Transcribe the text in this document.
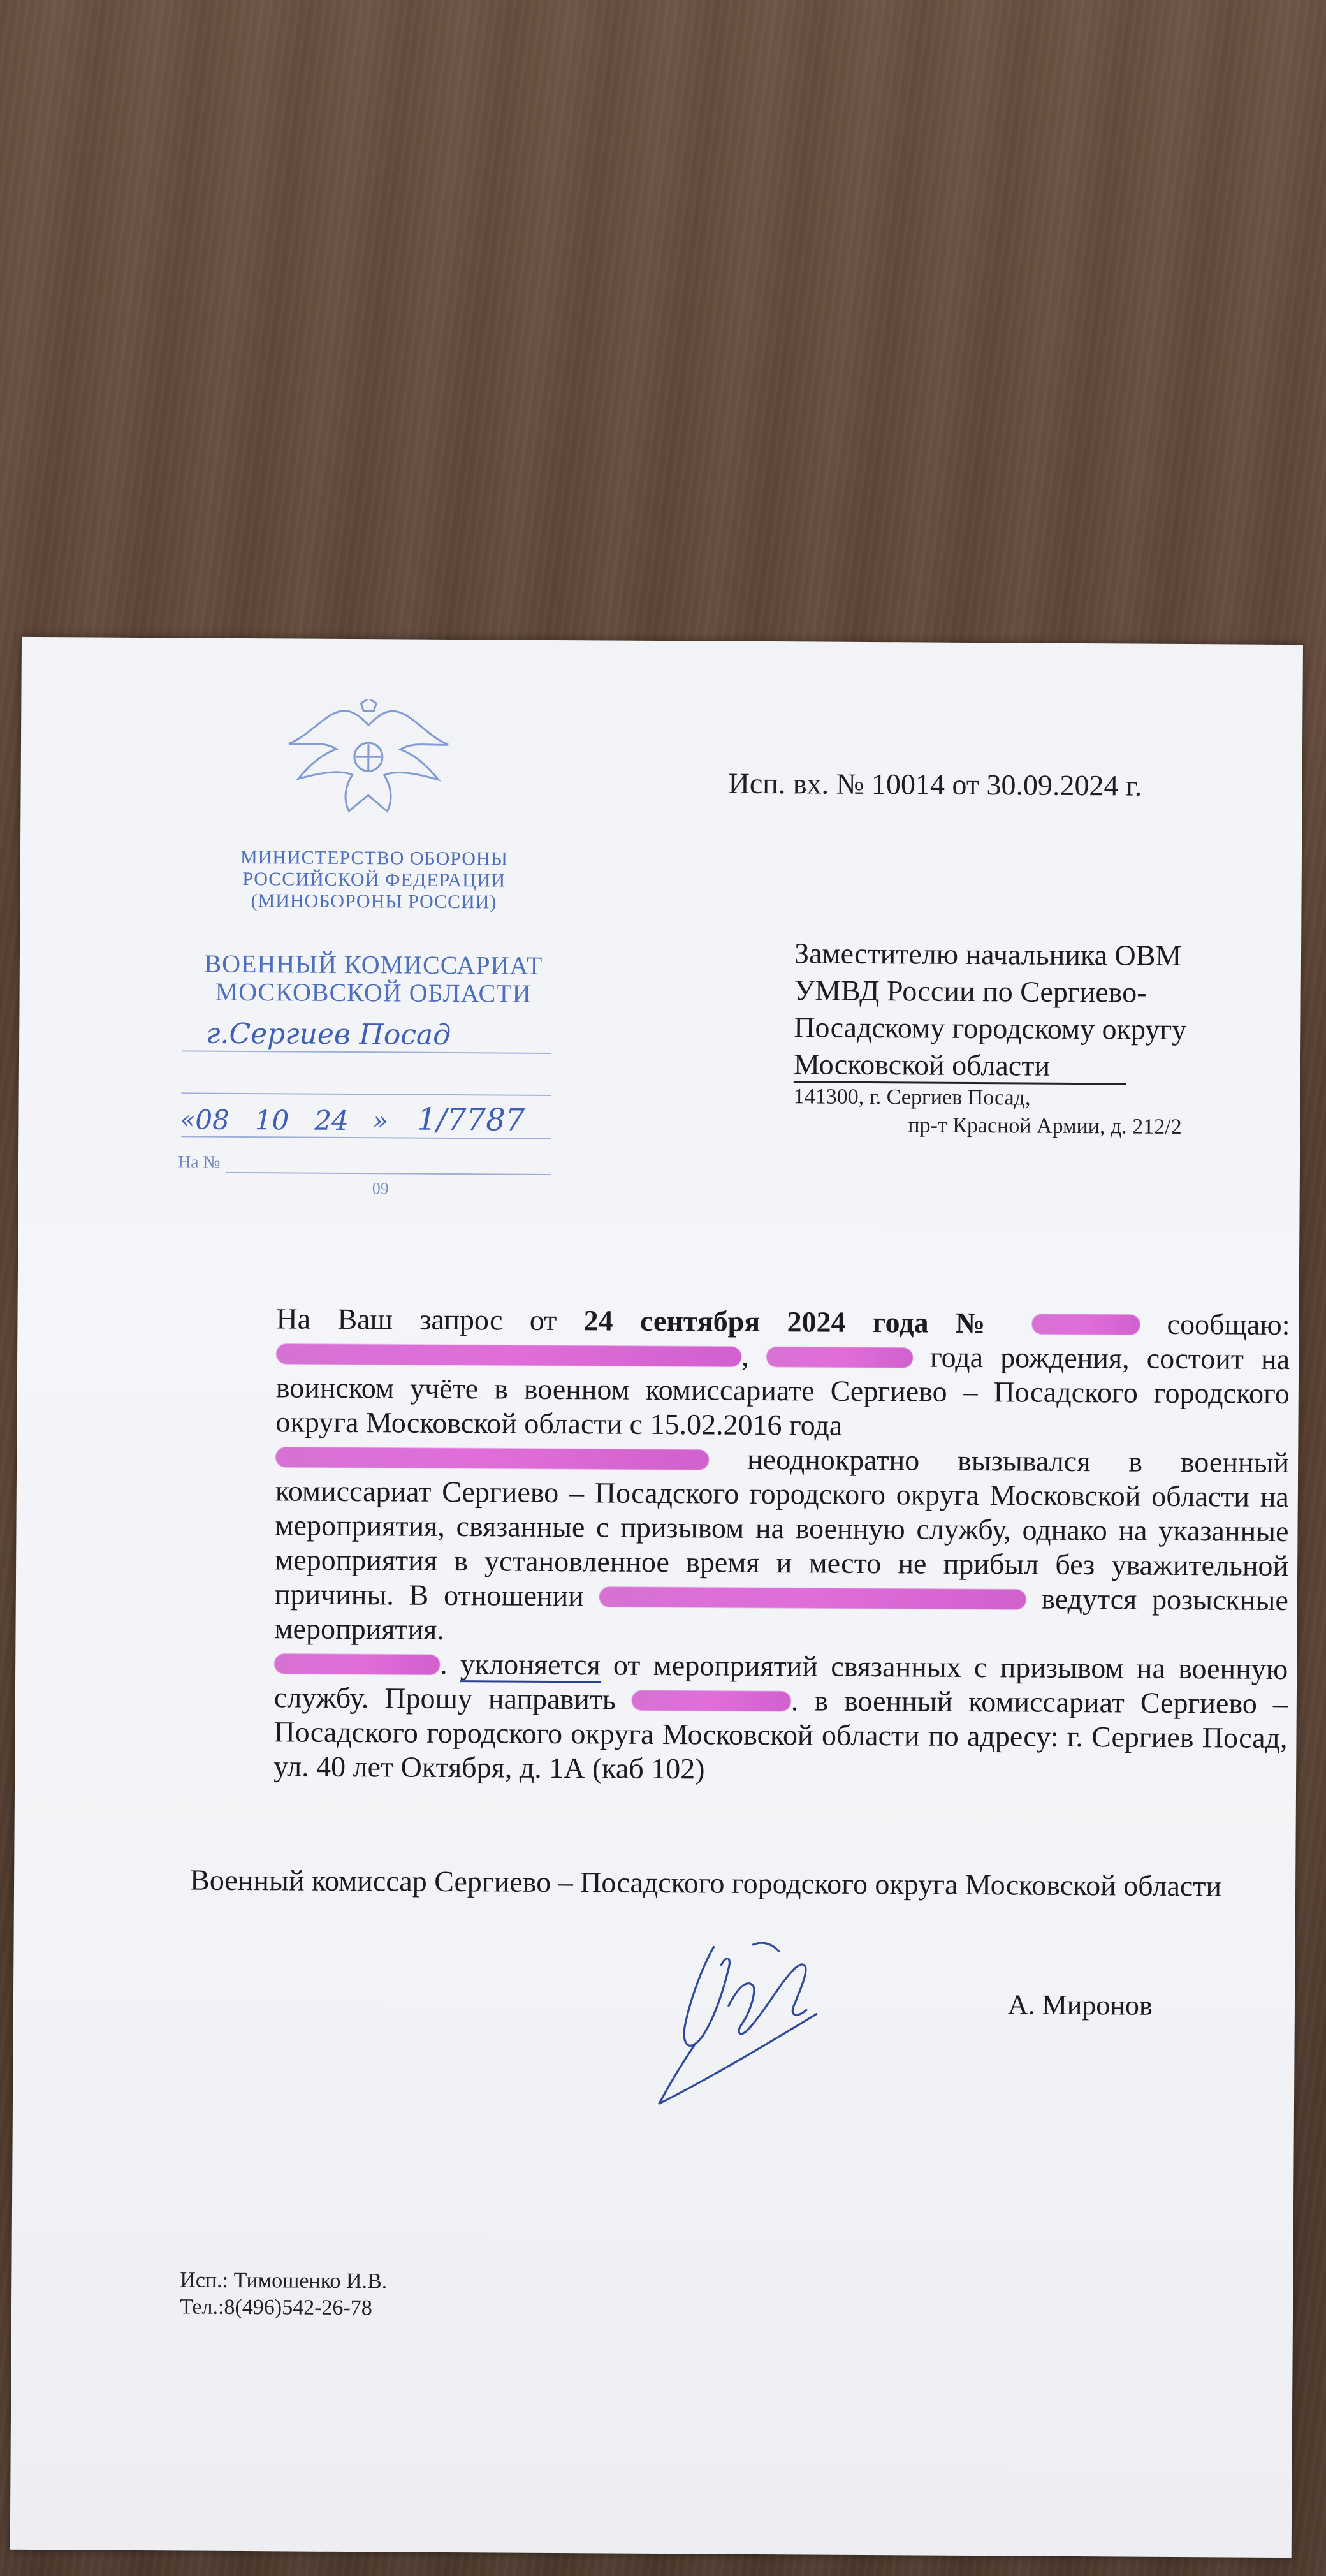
МИНИСТЕРСТВО ОБОРОНЫ
РОССИЙСКОЙ ФЕДЕРАЦИИ
(МИНОБОРОНЫ РОССИИ)
ВОЕННЫЙ КОМИССАРИАТ
МОСКОВСКОЙ ОБЛАСТИ
г.Сергиев Посад
« 08   10   24 » 1/7787
На №
09
Исп. вх. № 10014 от 30.09.2024 г.
Заместителю начальника ОВМ
УМВД России по Сергиево-
Посадскому городскому округу
Московской области
141300, г. Сергиев Посад,
пр-т Красной Армии, д. 212/2

На Ваш запрос от 24 сентября 2024 года №	сообщаю: ,	года рождения, состоит на воинском учёте в военном комиссариате Сергиево – Посадского городского округа Московской области с 15.02.2016 года

неоднократно вызывался в военный комиссариат Сергиево – Посадского городского округа Московской области на мероприятия, связанные с призывом на военную службу, однако на указанные мероприятия в установленное время и место не прибыл без уважительной причины. В отношении	ведутся розыскные мероприятия.

. уклоняется от мероприятий связанных с призывом на военную службу. Прошу направить	. в военный комиссариат Сергиево – Посадского городского округа Московской области по адресу: г. Сергиев Посад, ул. 40 лет Октября, д. 1А (каб 102)

Военный комиссар Сергиево – Посадского городского округа Московской области
А. Миронов
Исп.: Тимошенко И.В.
Тел.:8(496)542-26-78
